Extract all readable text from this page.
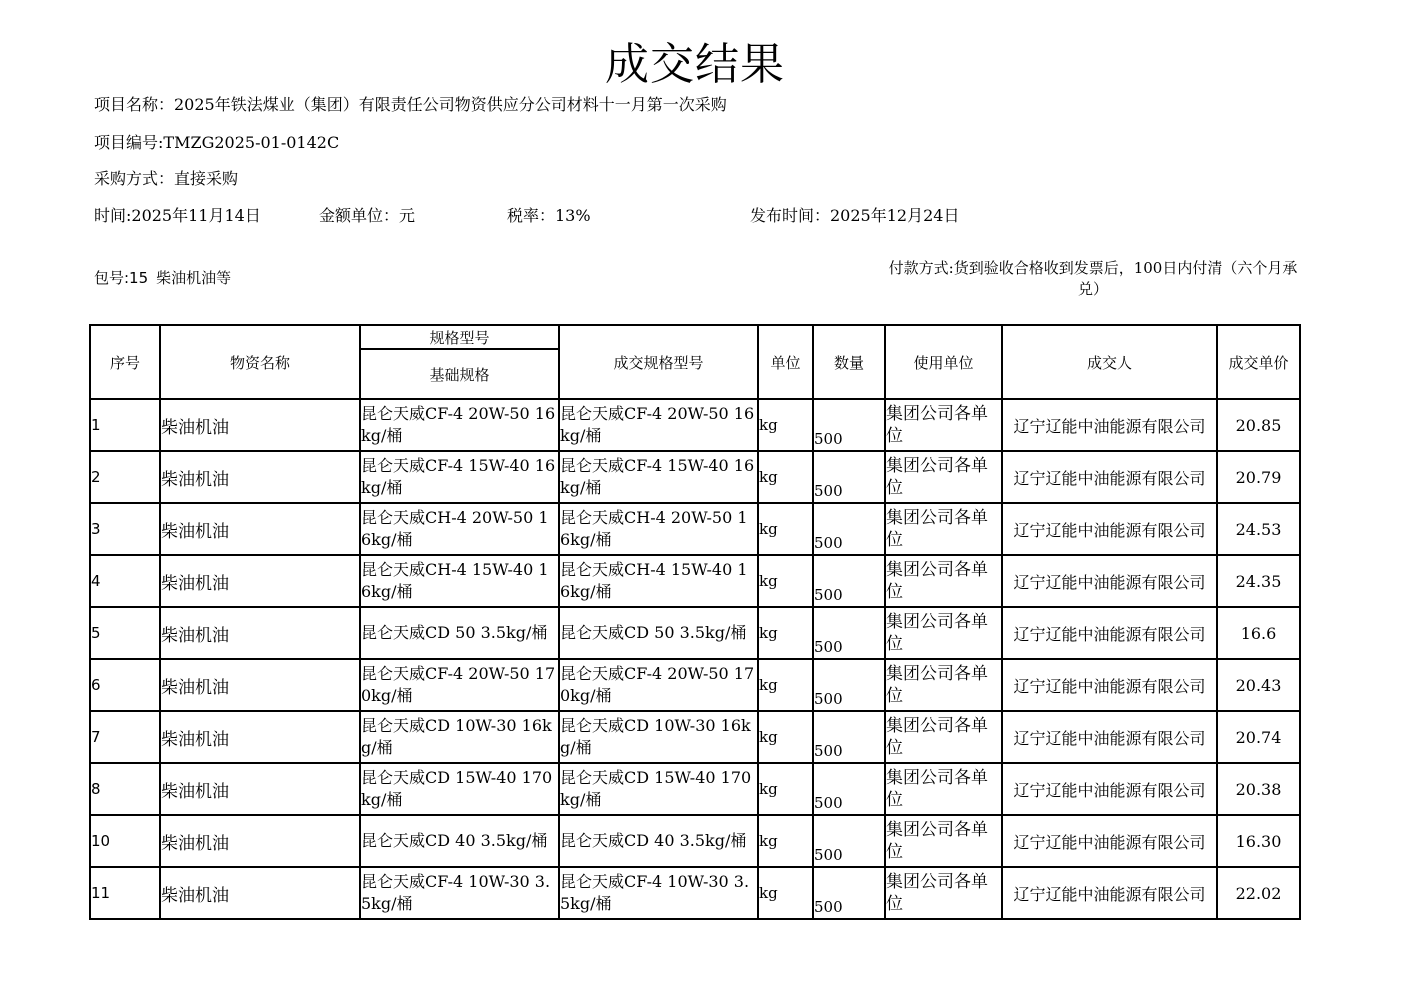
成交结果
项目名称：2025年铁法煤业（集团）有限责任公司物资供应分公司材料十一月第一次采购
项目编号:TMZG2025-01-0142C
采购方式：直接采购
时间:2025年11月14日	金额单位：元	税率：13%	发布时间：2025年12月24日
包号:15 柴油机油等
付款方式:货到验收合格收到发票后，100日内付清（六个月承兑）
序号	物资名称	规格型号	成交规格型号	单位	数量	使用单位	成交人	成交单价
		基础规格						
1	柴油机油	昆仑天威CF-4 20W-50 16kg/桶	昆仑天威CF-4 20W-50 16kg/桶	kg	500	集团公司各单位	辽宁辽能中油能源有限公司	20.85
2	柴油机油	昆仑天威CF-4 15W-40 16kg/桶	昆仑天威CF-4 15W-40 16kg/桶	kg	500	集团公司各单位	辽宁辽能中油能源有限公司	20.79
3	柴油机油	昆仑天威CH-4 20W-50 16kg/桶	昆仑天威CH-4 20W-50 16kg/桶	kg	500	集团公司各单位	辽宁辽能中油能源有限公司	24.53
4	柴油机油	昆仑天威CH-4 15W-40 16kg/桶	昆仑天威CH-4 15W-40 16kg/桶	kg	500	集团公司各单位	辽宁辽能中油能源有限公司	24.35
5	柴油机油	昆仑天威CD 50 3.5kg/桶	昆仑天威CD 50 3.5kg/桶	kg	500	集团公司各单位	辽宁辽能中油能源有限公司	16.6
6	柴油机油	昆仑天威CF-4 20W-50 170kg/桶	昆仑天威CF-4 20W-50 170kg/桶	kg	500	集团公司各单位	辽宁辽能中油能源有限公司	20.43
7	柴油机油	昆仑天威CD 10W-30 16kg/桶	昆仑天威CD 10W-30 16kg/桶	kg	500	集团公司各单位	辽宁辽能中油能源有限公司	20.74
8	柴油机油	昆仑天威CD 15W-40 170kg/桶	昆仑天威CD 15W-40 170kg/桶	kg	500	集团公司各单位	辽宁辽能中油能源有限公司	20.38
10	柴油机油	昆仑天威CD 40 3.5kg/桶	昆仑天威CD 40 3.5kg/桶	kg	500	集团公司各单位	辽宁辽能中油能源有限公司	16.30
11	柴油机油	昆仑天威CF-4 10W-30 3.5kg/桶	昆仑天威CF-4 10W-30 3.5kg/桶	kg	500	集团公司各单位	辽宁辽能中油能源有限公司	22.02
